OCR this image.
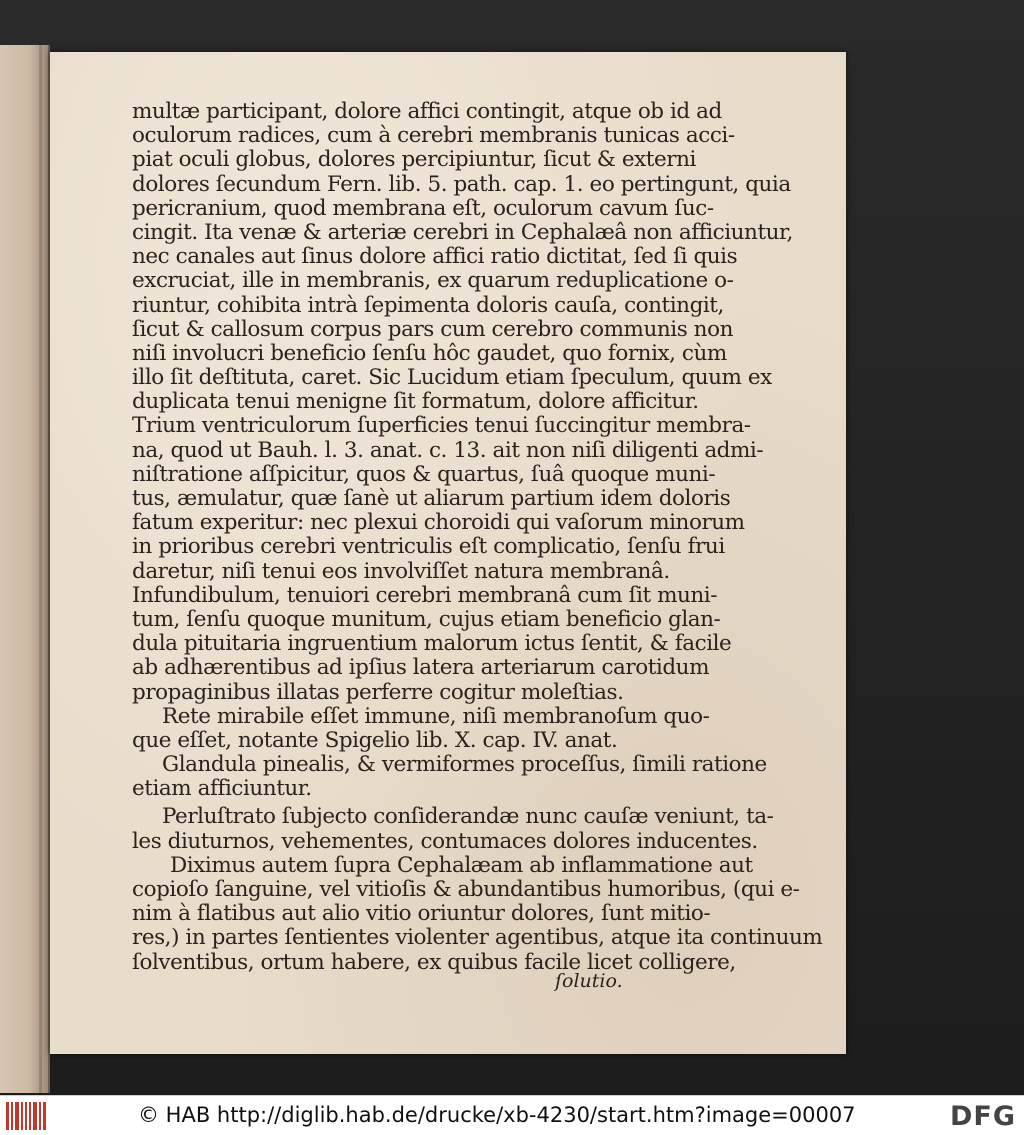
multæ participant, dolore affici contingit, atque ob id ad
oculorum radices, cum à cerebri membranis tunicas acci-
piat oculi globus, dolores percipiuntur, ſicut & externi
dolores ſecundum Fern. lib. 5. path. cap. 1. eo pertingunt, quia
pericranium, quod membrana eſt, oculorum cavum ſuc-
cingit. Ita venæ & arteriæ cerebri in Cephalæâ non afficiuntur,
nec canales aut ſinus dolore affici ratio dictitat, ſed ſi quis
excruciat, ille in membranis, ex quarum reduplicatione o-
riuntur, cohibita intrà ſepimenta doloris cauſa, contingit,
ſicut & callosum corpus pars cum cerebro communis non
niſi involucri beneficio ſenſu hôc gaudet, quo fornix, cùm
illo ſit deſtituta, caret. Sic Lucidum etiam ſpeculum, quum ex
duplicata tenui menigne ſit formatum, dolore afficitur.
Trium ventriculorum ſuperficies tenui ſuccingitur membra-
na, quod ut Bauh. l. 3. anat. c. 13. ait non niſi diligenti admi-
niſtratione aſſpicitur, quos & quartus, ſuâ quoque muni-
tus, æmulatur, quæ ſanè ut aliarum partium idem doloris
fatum experitur: nec plexui choroidi qui vaſorum minorum
in prioribus cerebri ventriculis eſt complicatio, ſenſu frui
daretur, niſi tenui eos involviſſet natura membranâ.
Infundibulum, tenuiori cerebri membranâ cum ſit muni-
tum, ſenſu quoque munitum, cujus etiam beneficio glan-
dula pituitaria ingruentium malorum ictus ſentit, & facile
ab adhærentibus ad ipſius latera arteriarum carotidum
propaginibus illatas perferre cogitur moleſtias.
Rete mirabile eſſet immune, niſi membranoſum quo-
que eſſet, notante Spigelio lib. X. cap. IV. anat.
Glandula pinealis, & vermiformes proceſſus, ſimili ratione
etiam afficiuntur.
Perluſtrato ſubjecto conſiderandæ nunc cauſæ veniunt, ta-
les diuturnos, vehementes, contumaces dolores inducentes.
Diximus autem ſupra Cephalæam ab inflammatione aut
copioſo ſanguine, vel vitioſis & abundantibus humoribus, (qui e-
nim à flatibus aut alio vitio oriuntur dolores, ſunt mitio-
res,) in partes ſentientes violenter agentibus, atque ita continuum
ſolventibus, ortum habere, ex quibus facile licet colligere,
ſolutio.
© HAB http://diglib.hab.de/drucke/xb-4230/start.htm?image=00007	DFG
